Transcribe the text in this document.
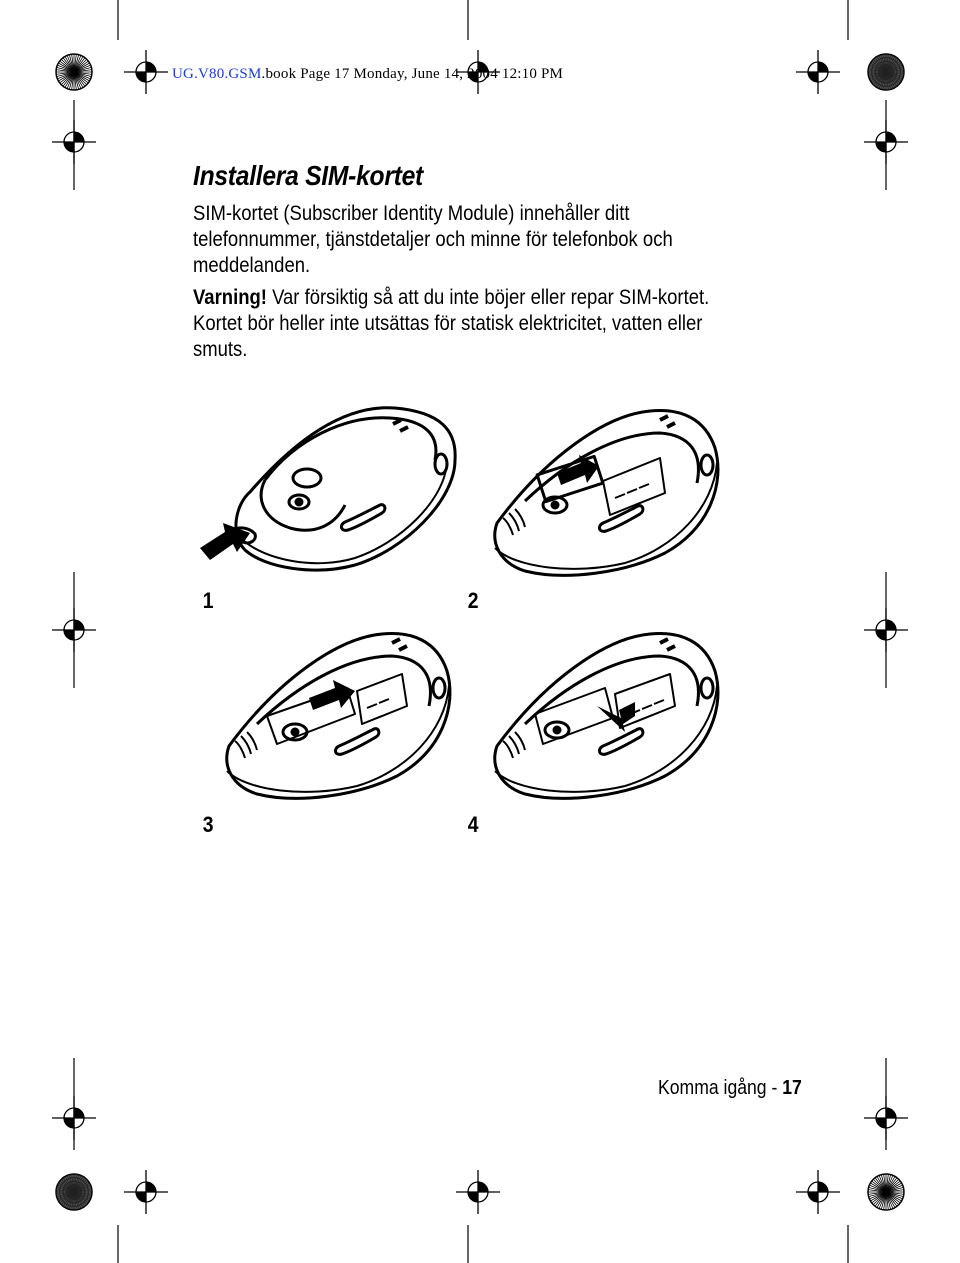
UG.V80.GSM.book Page 17 Monday, June 14, 2004 12:10 PM
Installera SIM-kortet
SIM-kortet (Subscriber Identity Module) innehåller ditt
telefonnummer, tjänstdetaljer och minne för telefonbok och
meddelanden.
Varning! Var försiktig så att du inte böjer eller repar SIM-kortet.
Kortet bör heller inte utsättas för statisk elektricitet, vatten eller
smuts.
1	2
3	4
Komma igång - 17
